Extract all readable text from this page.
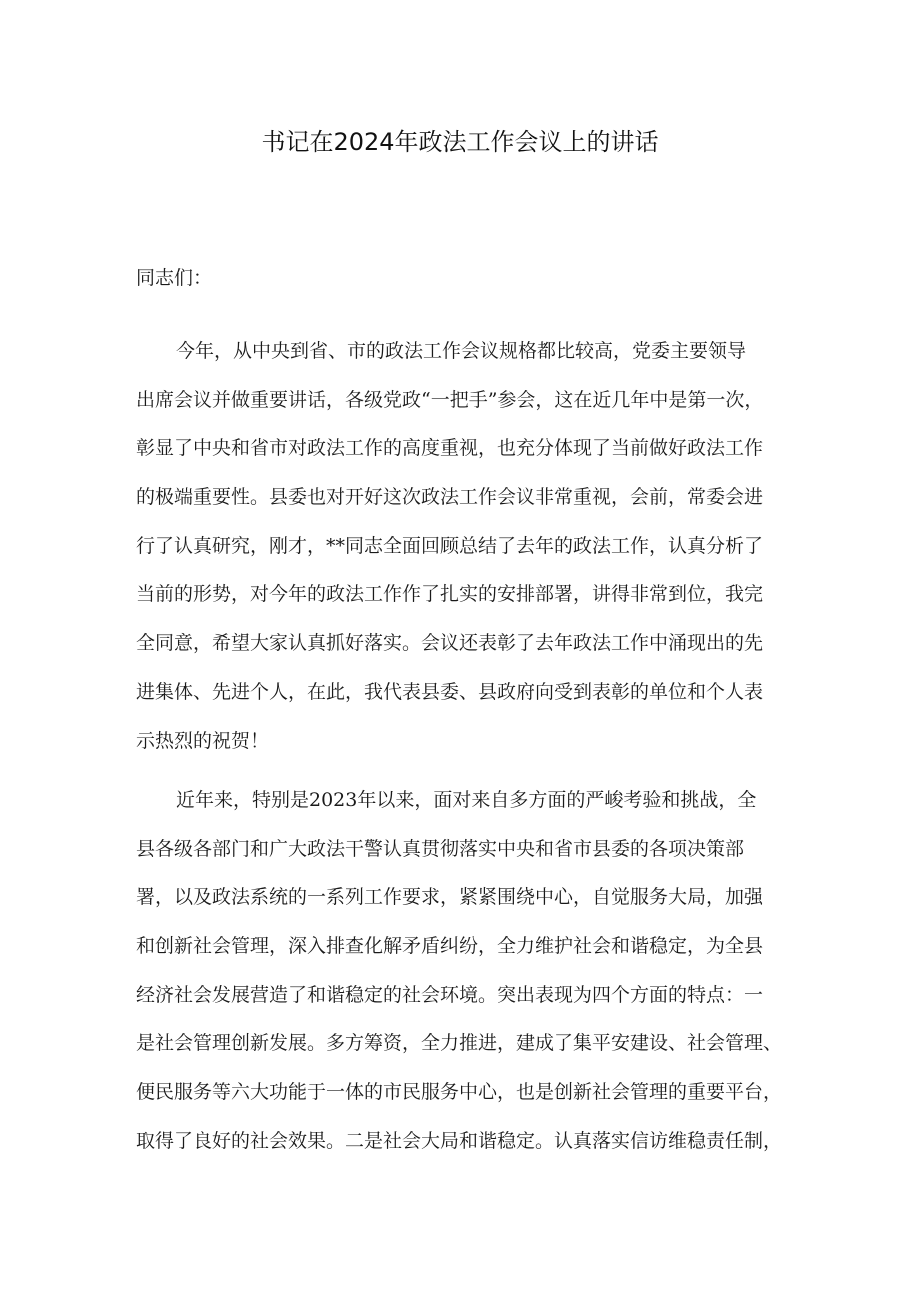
书记在2024年政法工作会议上的讲话
同志们：
今年，从中央到省、市的政法工作会议规格都比较高，党委主要领导
出席会议并做重要讲话，各级党政“一把手”参会，这在近几年中是第一次，
彰显了中央和省市对政法工作的高度重视，也充分体现了当前做好政法工作
的极端重要性。县委也对开好这次政法工作会议非常重视，会前，常委会进
行了认真研究，刚才，**同志全面回顾总结了去年的政法工作，认真分析了
当前的形势，对今年的政法工作作了扎实的安排部署，讲得非常到位，我完
全同意，希望大家认真抓好落实。会议还表彰了去年政法工作中涌现出的先
进集体、先进个人，在此，我代表县委、县政府向受到表彰的单位和个人表
示热烈的祝贺！
近年来，特别是2023年以来，面对来自多方面的严峻考验和挑战，全
县各级各部门和广大政法干警认真贯彻落实中央和省市县委的各项决策部
署，以及政法系统的一系列工作要求，紧紧围绕中心，自觉服务大局，加强
和创新社会管理，深入排查化解矛盾纠纷，全力维护社会和谐稳定，为全县
经济社会发展营造了和谐稳定的社会环境。突出表现为四个方面的特点：一
是社会管理创新发展。多方筹资，全力推进，建成了集平安建设、社会管理、
便民服务等六大功能于一体的市民服务中心，也是创新社会管理的重要平台，
取得了良好的社会效果。二是社会大局和谐稳定。认真落实信访维稳责任制，
